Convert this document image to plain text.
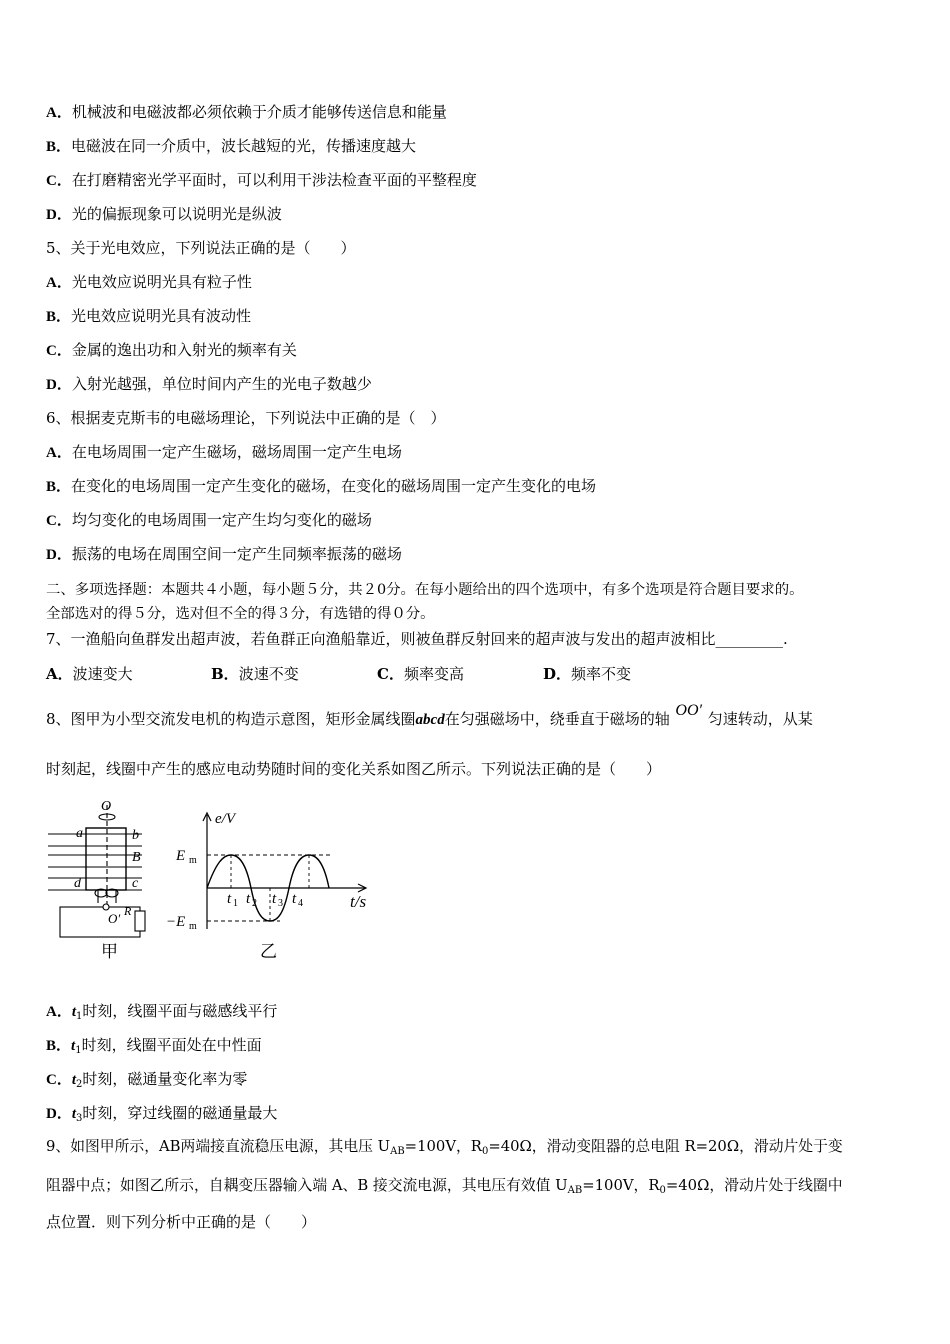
A．机械波和电磁波都必须依赖于介质才能够传送信息和能量
B．电磁波在同一介质中，波长越短的光，传播速度越大
C．在打磨精密光学平面时，可以利用干涉法检查平面的平整程度
D．光的偏振现象可以说明光是纵波
5、关于光电效应，下列说法正确的是（　　）
A．光电效应说明光具有粒子性
B．光电效应说明光具有波动性
C．金属的逸出功和入射光的频率有关
D．入射光越强，单位时间内产生的光电子数越少
6、根据麦克斯韦的电磁场理论，下列说法中正确的是（　）
A．在电场周围一定产生磁场，磁场周围一定产生电场
B．在变化的电场周围一定产生变化的磁场，在变化的磁场周围一定产生变化的电场
C．均匀变化的电场周围一定产生均匀变化的磁场
D．振荡的电场在周围空间一定产生同频率振荡的磁场
二、多项选择题：本题共４小题，每小题５分，共２0分。在每小题给出的四个选项中，有多个选项是符合题目要求的。
全部选对的得５分，选对但不全的得３分，有选错的得０分。
7、一渔船向鱼群发出超声波，若鱼群正向渔船靠近，则被鱼群反射回来的超声波与发出的超声波相比_________.
A．波速变大	B．波速不变	C．频率变高	D．频率不变
8、图甲为小型交流发电机的构造示意图，矩形金属线圈abcd在匀强磁场中，绕垂直于磁场的轴 OO′ 匀速转动，从某
时刻起，线圈中产生的感应电动势随时间的变化关系如图乙所示。下列说法正确的是（　　）
O
a	b
B
d	c
R
O′
甲
e/V
E m
−E m
t/s
t 1 t 2 t 3 t 4
乙
A．$t_1$时刻，线圈平面与磁感线平行
B．$t_1$时刻，线圈平面处在中性面
C．$t_2$时刻，磁通量变化率为零
D．$t_3$时刻，穿过线圈的磁通量最大
9、如图甲所示，AB两端接直流稳压电源，其电压 $U_{AB}=100V$，$R_0=40\Omega$，滑动变阻器的总电阻 R=20Ω，滑动片处于变
阻器中点；如图乙所示，自耦变压器输入端 A、B 接交流电源，其电压有效值 $U_{AB}=100V$，$R_0=40\Omega$，滑动片处于线圈中
点位置．则下列分析中正确的是（　　）
